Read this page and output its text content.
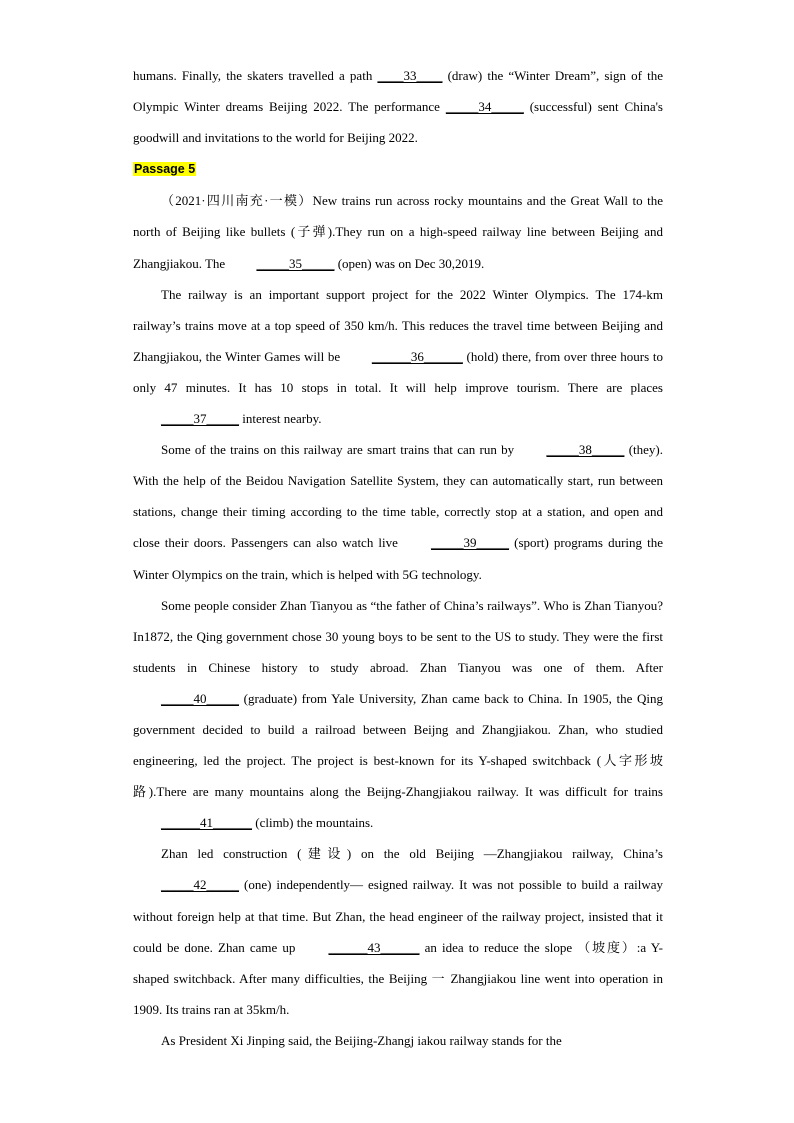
humans. Finally, the skaters travelled a path ____33____ (draw) the “Winter Dream”, sign of the Olympic Winter dreams Beijing 2022. The performance _____34_____ (successful) sent China's goodwill and invitations to the world for Beijing 2022.

Passage 5

（2021·四川南充·一模）New trains run across rocky mountains and the Great Wall to the north of Beijing like bullets (子弹).They run on a high-speed railway line between Beijing and Zhangjiakou. The _____35_____ (open) was on Dec 30,2019.

The railway is an important support project for the 2022 Winter Olympics. The 174-km railway’s trains move at a top speed of 350 km/h. This reduces the travel time between Beijing and Zhangjiakou, the Winter Games will be ______36______ (hold) there, from over three hours to only 47 minutes. It has 10 stops in total. It will help improve tourism. There are places _____37_____ interest nearby.

Some of the trains on this railway are smart trains that can run by _____38_____ (they). With the help of the Beidou Navigation Satellite System, they can automatically start, run between stations, change their timing according to the time table, correctly stop at a station, and open and close their doors. Passengers can also watch live _____39_____ (sport) programs during the Winter Olympics on the train, which is helped with 5G technology.

Some people consider Zhan Tianyou as “the father of China’s railways”. Who is Zhan Tianyou? In1872, the Qing government chose 30 young boys to be sent to the US to study. They were the first students in Chinese history to study abroad. Zhan Tianyou was one of them. After _____40_____ (graduate) from Yale University, Zhan came back to China. In 1905, the Qing government decided to build a railroad between Beijng and Zhangjiakou. Zhan, who studied engineering, led the project. The project is best-known for its Y-shaped switchback (人字形坡路).There are many mountains along the Beijng-Zhangjiakou railway. It was difficult for trains ______41______ (climb) the mountains.

Zhan led construction (建设) on the old Beijing —Zhangjiakou railway, China’s _____42_____ (one) independently— esigned railway. It was not possible to build a railway without foreign help at that time. But Zhan, the head engineer of the railway project, insisted that it could be done. Zhan came up ______43______ an idea to reduce the slope （坡度）:a Y-shaped switchback. After many difficulties, the Beijing 一 Zhangjiakou line went into operation in 1909. Its trains ran at 35km/h.

As President Xi Jinping said, the Beijing-Zhangj iakou railway stands for the
